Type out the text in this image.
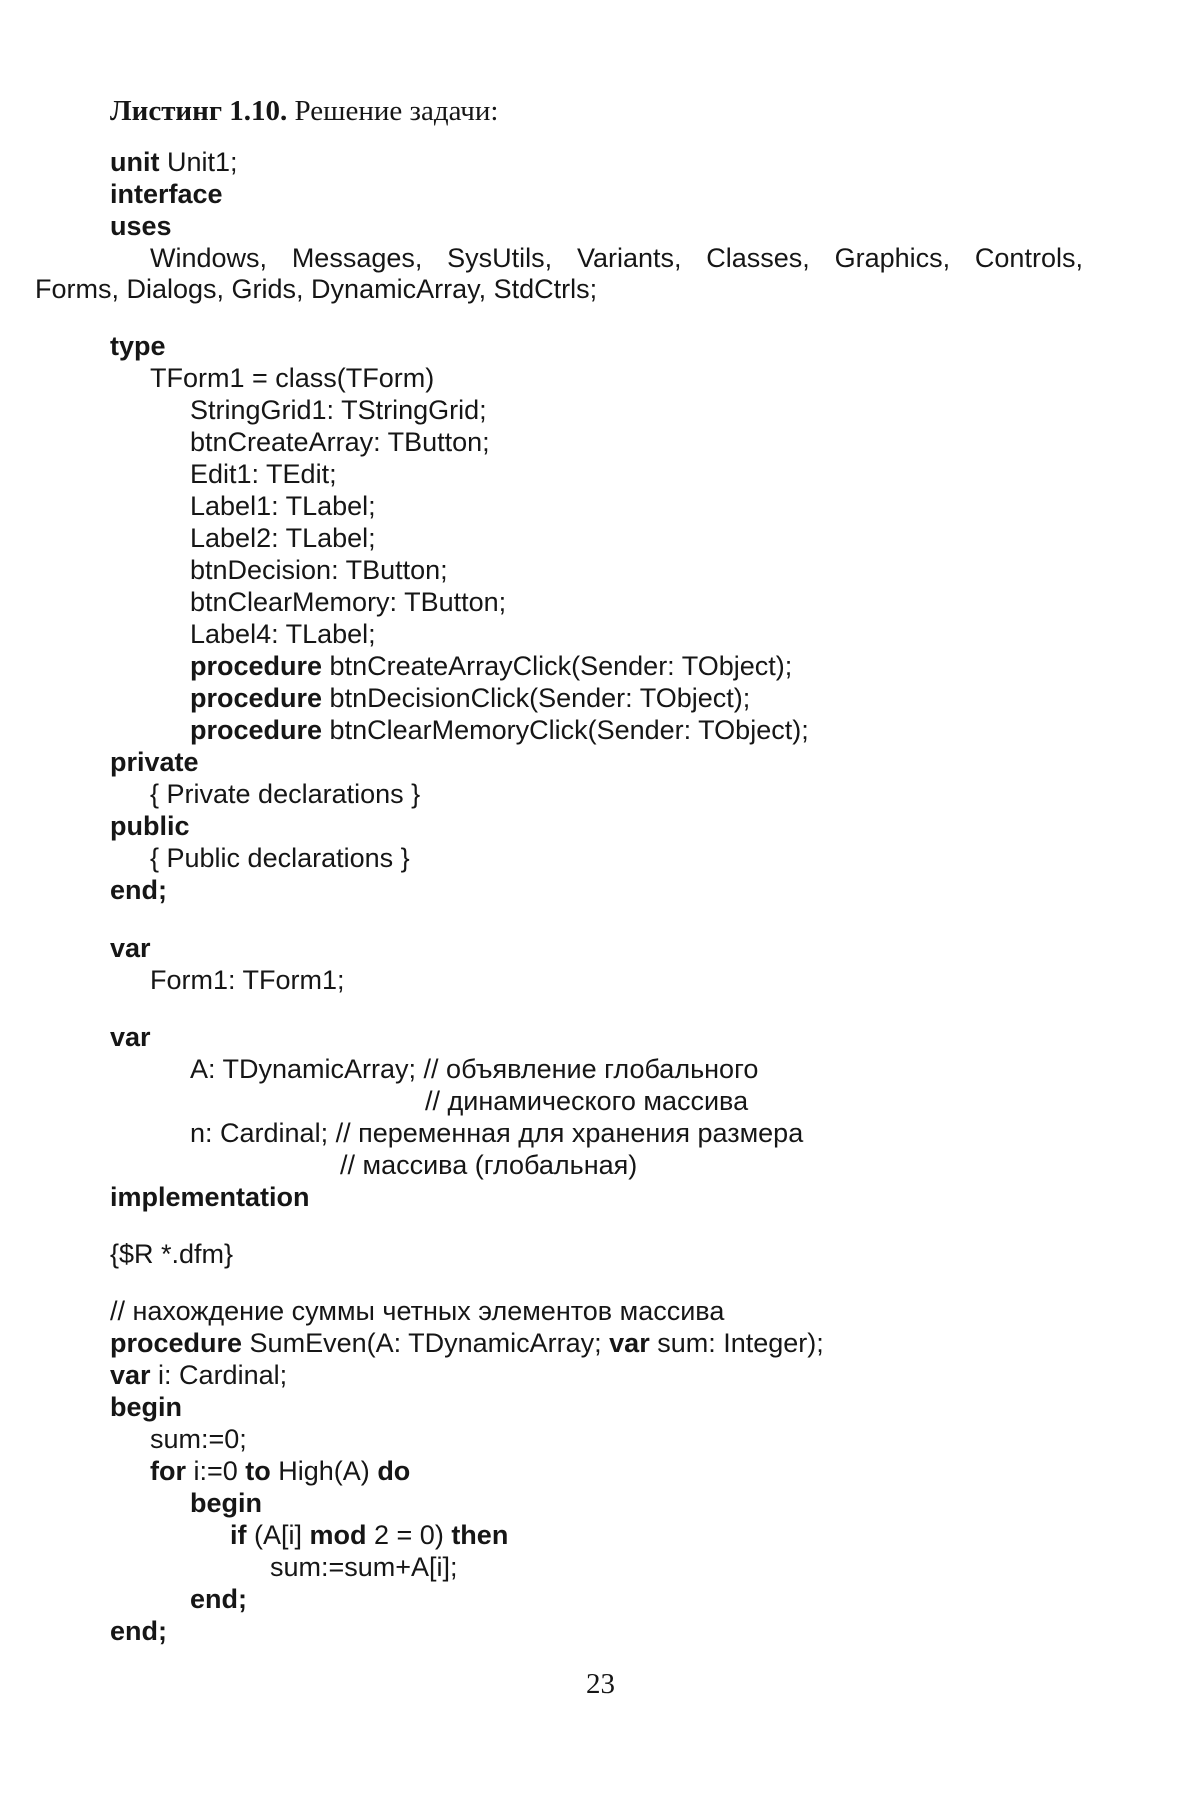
Листинг 1.10. Решение задачи:
unit Unit1;
interface
uses
Windows, Messages, SysUtils, Variants, Classes, Graphics, Controls,
Forms, Dialogs, Grids, DynamicArray, StdCtrls;
type
TForm1 = class(TForm)
StringGrid1: TStringGrid;
btnCreateArray: TButton;
Edit1: TEdit;
Label1: TLabel;
Label2: TLabel;
btnDecision: TButton;
btnClearMemory: TButton;
Label4: TLabel;
procedure btnCreateArrayClick(Sender: TObject);
procedure btnDecisionClick(Sender: TObject);
procedure btnClearMemoryClick(Sender: TObject);
private
{ Private declarations }
public
{ Public declarations }
end;
var
Form1: TForm1;
var
A: TDynamicArray; // объявление глобального
// динамического массива
n: Cardinal; // переменная для хранения размера
// массива (глобальная)
implementation
{$R *.dfm}
// нахождение суммы четных элементов массива
procedure SumEven(A: TDynamicArray; var sum: Integer);
var i: Cardinal;
begin
sum:=0;
for i:=0 to High(A) do
begin
if (A[i] mod 2 = 0) then
sum:=sum+A[i];
end;
end;
23
